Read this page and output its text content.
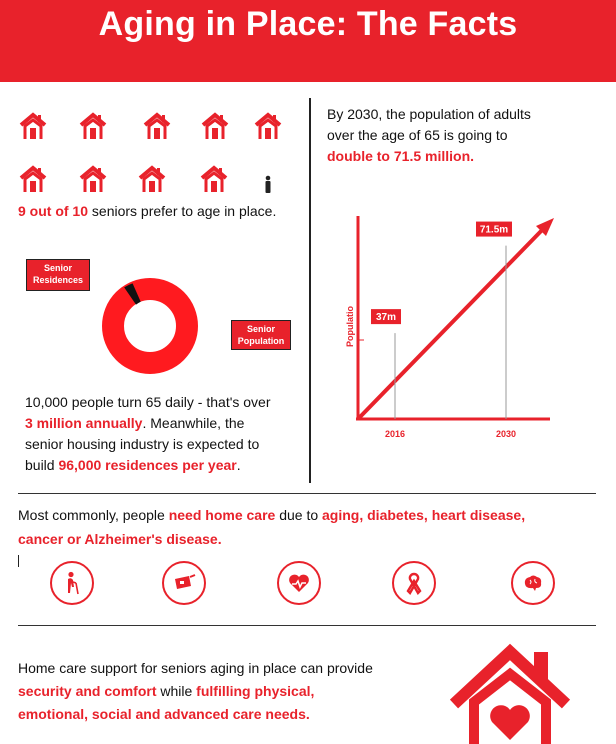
Aging in Place: The Facts
9 out of 10 seniors prefer to age in place.
Senior Residences
Senior Population
10,000 people turn 65 daily - that's over
3 million annually. Meanwhile, the
senior housing industry is expected to
build 96,000 residences per year.
By 2030, the population of adults
over the age of 65 is going to
double to 71.5 million.
Populatio 37m
2016
71.5m
2030
Most commonly, people need home care due to aging, diabetes, heart disease,
cancer or Alzheimer's disease.
Home care support for seniors aging in place can provide
security and comfort while fulfilling physical,
emotional, social and advanced care needs.
